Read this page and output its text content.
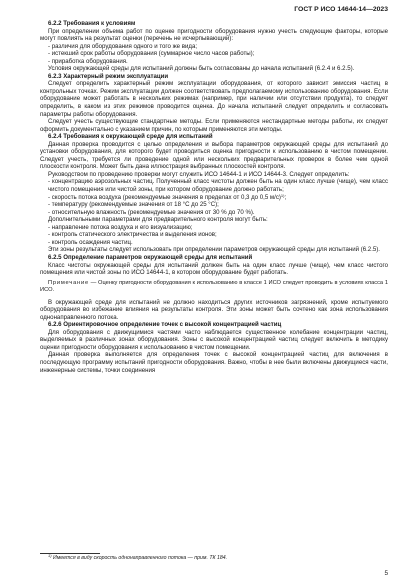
ГОСТ Р ИСО 14644-14—2023

6.2.2 Требования к условиям

При определении объема работ по оценке пригодности оборудования нужно учесть следующие факторы, которые могут повлиять на результат оценки (перечень не исчерпывающий):

- различия для оборудования одного и того же вида;

- истекший срок работы оборудования (суммарное число часов работы);

- приработка оборудования.

Условия окружающей среды для испытаний должны быть согласованы до начала испытаний (6.2.4 и 6.2.5).

6.2.3 Характерный режим эксплуатации

Следует определить характерный режим эксплуатации оборудования, от которого зависит эмиссия частиц в контрольных точках. Режим эксплуатации должен соответствовать предполагаемому использованию оборудования. Если оборудование может работать в нескольких режимах (например, при наличии или отсутствии продукта), то следует определить, в каком из этих режимов проводится оценка. До начала испытаний следует определить и согласовать параметры работы оборудования.

Следует учесть существующие стандартные методы. Если применяются нестандартные методы работы, их следует оформить документально с указанием причин, по которым применяются эти методы.

6.2.4 Требования к окружающей среде для испытаний

Данная проверка проводится с целью определения и выбора параметров окружающей среды для испытаний до установки оборудования, для которого будет проводиться оценка пригодности к использованию в чистом помещении. Следует учесть, требуется ли проведение одной или нескольких предварительных проверок в более чем одной плоскости контроля. Может быть дана иллюстрация выбранных плоскостей контроля.

Руководством по проведению проверки могут служить ИСО 14644-1 и ИСО 14644-3. Следует определить:

- концентрацию аэрозольных частиц. Полученный класс чистоты должен быть на один класс лучше (чище), чем класс чистого помещения или чистой зоны, при котором оборудование должно работать;

- скорость потока воздуха (рекомендуемые значения в пределах от 0,3 до 0,5 м/с)$^{1)}$;

- температуру (рекомендуемые значения от 18 °С до 25 °С);

- относительную влажность (рекомендуемые значения от 30 % до 70 %).

Дополнительными параметрами для предварительного контроля могут быть:

- направление потока воздуха и его визуализацию;

- контроль статического электричества и выделения ионов;

- контроль осаждения частиц.

Эти зоны результаты следует использовать при определении параметров окружающей среды для испытаний (6.2.5).

6.2.5 Определение параметров окружающей среды для испытаний

Класс чистоты окружающей среды для испытаний должен быть на один класс лучше (чище), чем класс чистого помещения или чистой зоны по ИСО 14644-1, в котором оборудование будет работать.

Примечание — Оценку пригодности оборудования к использованию в классе 1 ИСО следует проводить в условиях класса 1 ИСО.

В окружающей среде для испытаний не должно находиться других источников загрязнений, кроме испытуемого оборудования во избежание влияния на результаты контроля. Эти зоны может быть сочтено как зона использования однонаправленного потока.

6.2.6 Ориентировочное определение точек с высокой концентрацией частиц

Для оборудования с движущимися частями часто наблюдается существенное колебание концентрации частиц, выделяемых в различных зонах оборудования. Зоны с высокой концентрацией частиц следует включить в методику оценки пригодности оборудования к использованию в чистом помещении.

Данная проверка выполняется для определения точек с высокой концентрацией частиц для включения в последующую программу испытаний пригодности оборудования. Важно, чтобы в нее были включены движущиеся части, инженерные системы, точки соединения

$^{1)}$ Имеется в виду скорость однонаправленного потока — прим. ТК 184.
5
